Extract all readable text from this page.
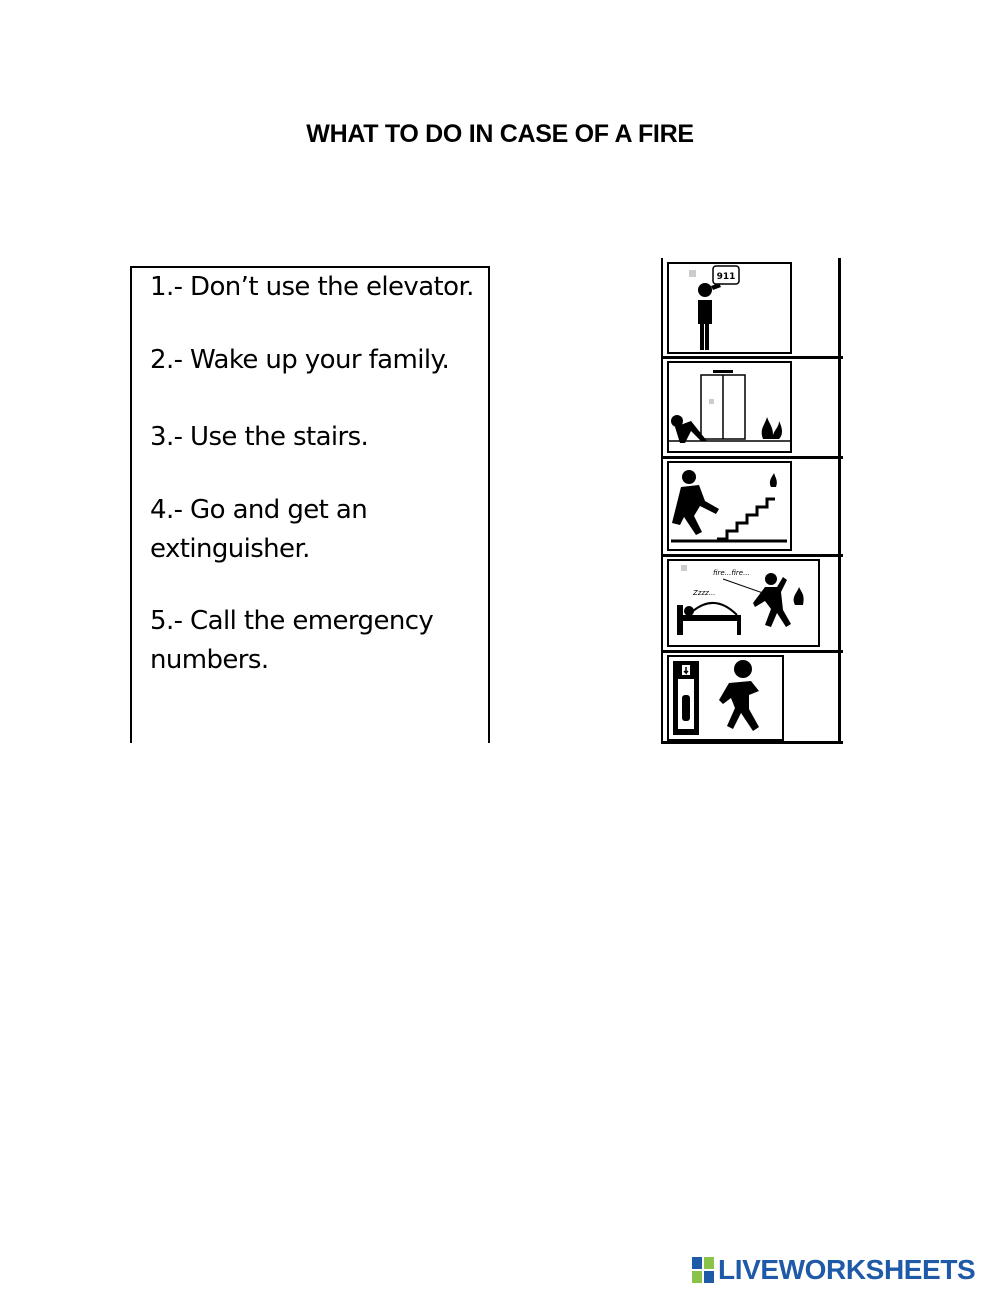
WHAT TO DO IN CASE OF A FIRE
1.- Don’t use the elevator.
2.- Wake up your family.
3.- Use the stairs.
4.- Go and get an extinguisher.
5.- Call the emergency numbers.
911
Zzzz...
fire...fire...
LIVEWORKSHEETS
